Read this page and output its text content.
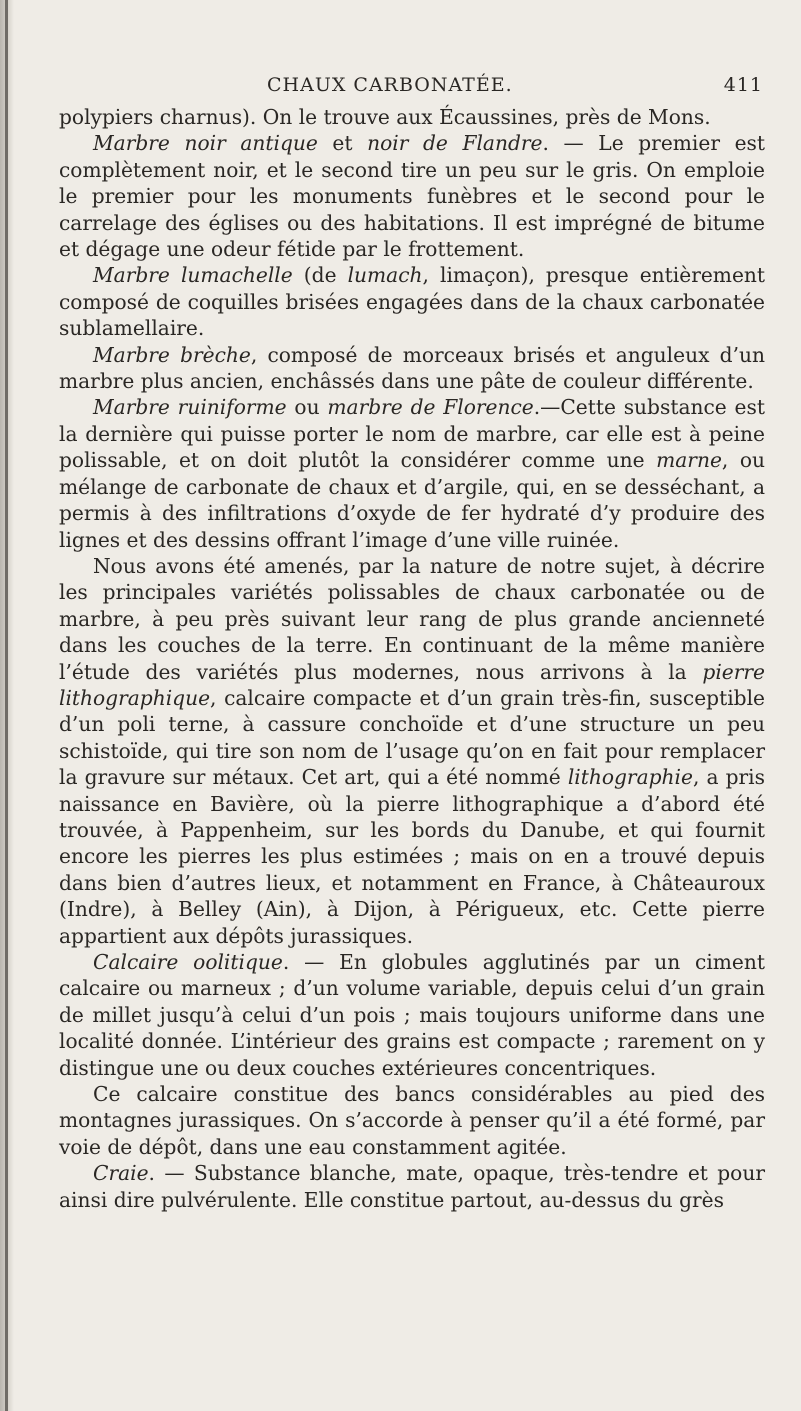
CHAUX CARBONATÉE.	411

polypiers charnus). On le trouve aux Écaussines, près de Mons.

Marbre noir antique et noir de Flandre. — Le premier est complètement noir, et le second tire un peu sur le gris. On emploie le premier pour les monuments funèbres et le second pour le carrelage des églises ou des habitations. Il est imprégné de bitume et dégage une odeur fétide par le frottement.

Marbre lumachelle (de lumach, limaçon), presque entièrement composé de coquilles brisées engagées dans de la chaux carbonatée sublamellaire.

Marbre brèche, composé de morceaux brisés et anguleux d’un marbre plus ancien, enchâssés dans une pâte de couleur différente.

Marbre ruiniforme ou marbre de Florence.—Cette substance est la dernière qui puisse porter le nom de marbre, car elle est à peine polissable, et on doit plutôt la considérer comme une marne, ou mélange de carbonate de chaux et d’argile, qui, en se desséchant, a permis à des infiltrations d’oxyde de fer hydraté d’y produire des lignes et des dessins offrant l’image d’une ville ruinée.

Nous avons été amenés, par la nature de notre sujet, à décrire les principales variétés polissables de chaux carbonatée ou de marbre, à peu près suivant leur rang de plus grande ancienneté dans les couches de la terre. En continuant de la même manière l’étude des variétés plus modernes, nous arrivons à la pierre lithographique, calcaire compacte et d’un grain très-fin, susceptible d’un poli terne, à cassure conchoïde et d’une structure un peu schistoïde, qui tire son nom de l’usage qu’on en fait pour remplacer la gravure sur métaux. Cet art, qui a été nommé lithographie, a pris naissance en Bavière, où la pierre lithographique a d’abord été trouvée, à Pappenheim, sur les bords du Danube, et qui fournit encore les pierres les plus estimées ; mais on en a trouvé depuis dans bien d’autres lieux, et notamment en France, à Châteauroux (Indre), à Belley (Ain), à Dijon, à Périgueux, etc. Cette pierre appartient aux dépôts jurassiques.

Calcaire oolitique. — En globules agglutinés par un ciment calcaire ou marneux ; d’un volume variable, depuis celui d’un grain de millet jusqu’à celui d’un pois ; mais toujours uniforme dans une localité donnée. L’intérieur des grains est compacte ; rarement on y distingue une ou deux couches extérieures concentriques.

Ce calcaire constitue des bancs considérables au pied des montagnes jurassiques. On s’accorde à penser qu’il a été formé, par voie de dépôt, dans une eau constamment agitée.

Craie. — Substance blanche, mate, opaque, très-tendre et pour ainsi dire pulvérulente. Elle constitue partout, au-dessus du grès
